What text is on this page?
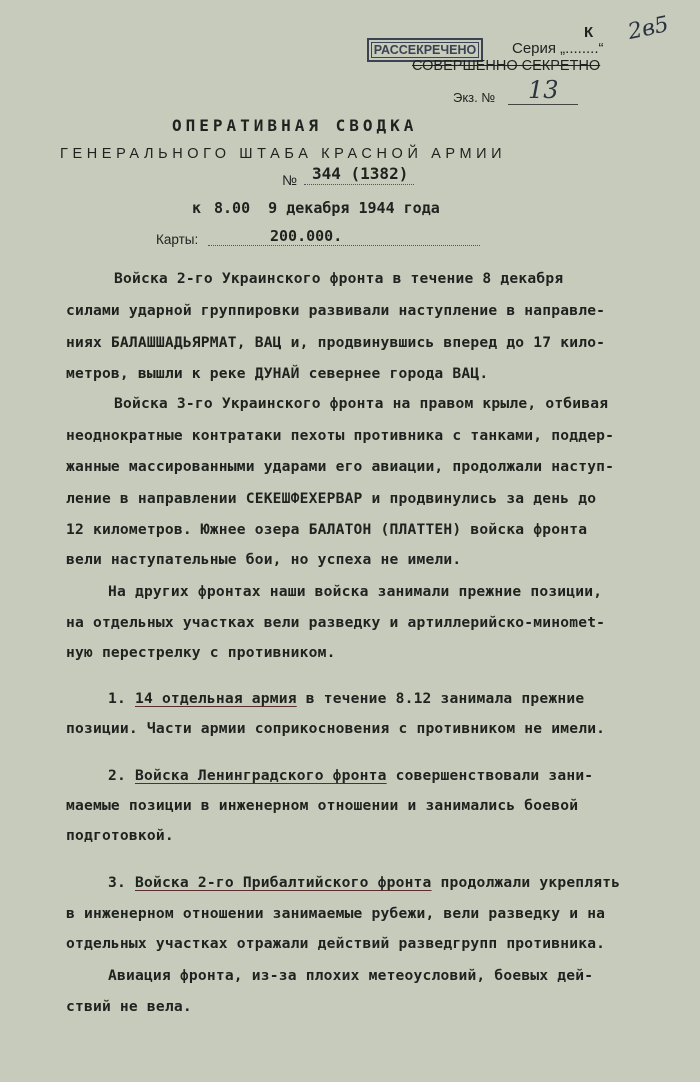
РАССЕКРЕЧЕНО
К 2в5
Серия „........“
СОВЕРШЕННО СЕКРЕТНО
Экз. № 13
ОПЕРАТИВНАЯ СВОДКА
ГЕНЕРАЛЬНОГО ШТАБА КРАСНОЙ АРМИИ
№ 344 (1382)
к 8.00  9 декабря 1944 года
Карты:	200.000.
Войска 2-го Украинского фронта в течение 8 декабря
силами ударной группировки развивали наступление в направле-
ниях БАЛАШШАДЬЯРМАТ, ВАЦ и, продвинувшись вперед до 17 кило-
метров, вышли к реке ДУНАЙ севернее города ВАЦ.
Войска 3-го Украинского фронта на правом крыле, отбивая
неоднократные контратаки пехоты противника с танками, поддер-
жанные массированными ударами его авиации, продолжали наступ-
ление в направлении СЕКЕШФЕХЕРВАР и продвинулись за день до
12 километров. Южнее озера БАЛАТОН (ПЛАТТЕН) войска фронта
вели наступательные бои, но успеха не имели.
На других фронтах наши войска занимали прежние позиции,
на отдельных участках вели разведку и артиллерийско-минomet-
ную перестрелку с противником.
1. 14 отдельная армия в течение 8.12 занимала прежние
позиции. Части армии соприкосновения с противником не имели.
2. Войска Ленинградского фронта совершенствовали зани-
маемые позиции в инженерном отношении и занимались боевой
подготовкой.
3. Войска 2-го Прибалтийского фронта продолжали укреплять
в инженерном отношении занимаемые рубежи, вели разведку и на
отдельных участках отражали действий разведгрупп противника.
Авиация фронта, из-за плохих метеоусловий, боевых дей-
ствий не вела.
